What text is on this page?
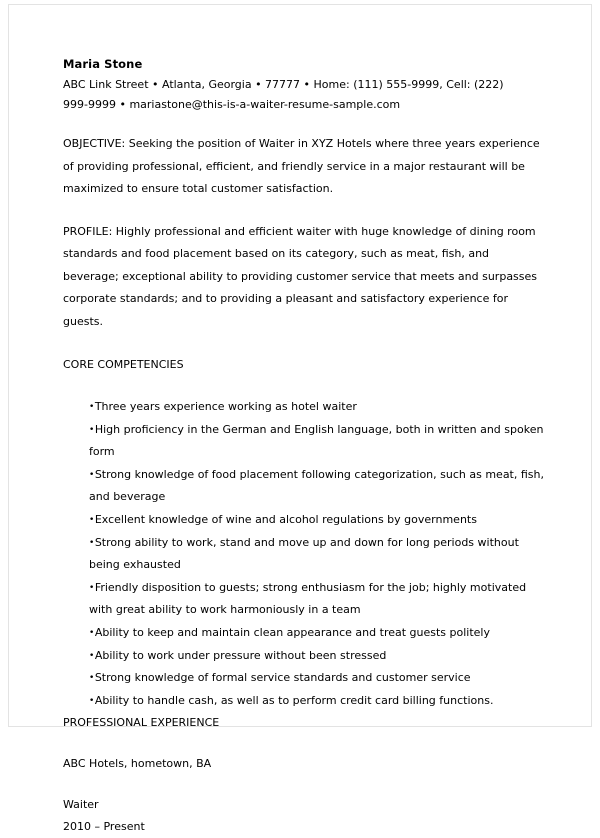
Maria Stone
ABC Link Street • Atlanta, Georgia • 77777 • Home: (111) 555-9999, Cell: (222) 999-9999 • mariastone@this-is-a-waiter-resume-sample.com
OBJECTIVE: Seeking the position of Waiter in XYZ Hotels where three years experience of providing professional, efficient, and friendly service in a major restaurant will be maximized to ensure total customer satisfaction.
PROFILE: Highly professional and efficient waiter with huge knowledge of dining room standards and food placement based on its category, such as meat, fish, and beverage; exceptional ability to providing customer service that meets and surpasses corporate standards; and to providing a pleasant and satisfactory experience for guests.
CORE COMPETENCIES
•Three years experience working as hotel waiter
•High proficiency in the German and English language, both in written and spoken form
•Strong knowledge of food placement following categorization, such as meat, fish, and beverage
•Excellent knowledge of wine and alcohol regulations by governments
•Strong ability to work, stand and move up and down for long periods without being exhausted
•Friendly disposition to guests; strong enthusiasm for the job; highly motivated with great ability to work harmoniously in a team
•Ability to keep and maintain clean appearance and treat guests politely
•Ability to work under pressure without been stressed
•Strong knowledge of formal service standards and customer service
•Ability to handle cash, as well as to perform credit card billing functions.
PROFESSIONAL EXPERIENCE
ABC Hotels, hometown, BA
Waiter
2010 – Present
